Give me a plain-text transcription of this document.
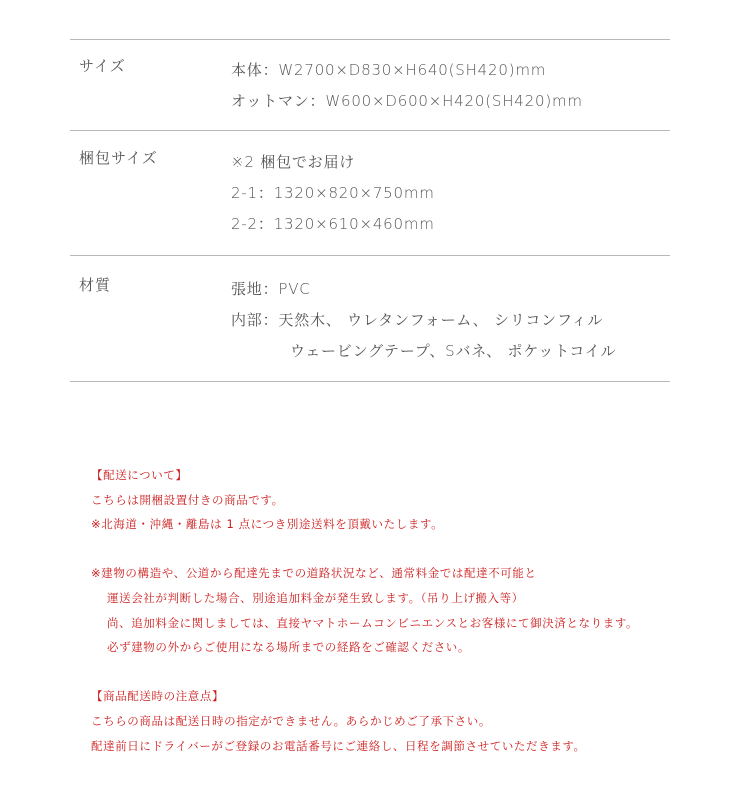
サイズ	本体：W2700×D830×H640(SH420)mm
オットマン：W600×D600×H420(SH420)mm
梱包サイズ	※2 梱包でお届け
2-1：1320×820×750mm
2-2：1320×610×460mm
材質	張地：PVC
内部：天然木、 ウレタンフォーム、 シリコンフィル
ウェービングテープ、Sバネ、 ポケットコイル
【配送について】
こちらは開梱設置付きの商品です。
※北海道・沖縄・離島は 1 点につき別途送料を頂戴いたします。
※建物の構造や、公道から配達先までの道路状況など、通常料金では配達不可能と
運送会社が判断した場合、別途追加料金が発生致します。（吊り上げ搬入等）
尚、追加料金に関しましては、直接ヤマトホームコンビニエンスとお客様にて御決済となります。
必ず建物の外からご使用になる場所までの経路をご確認ください。
【商品配送時の注意点】
こちらの商品は配送日時の指定ができません。あらかじめご了承下さい。
配達前日にドライバーがご登録のお電話番号にご連絡し、日程を調節させていただきます。
